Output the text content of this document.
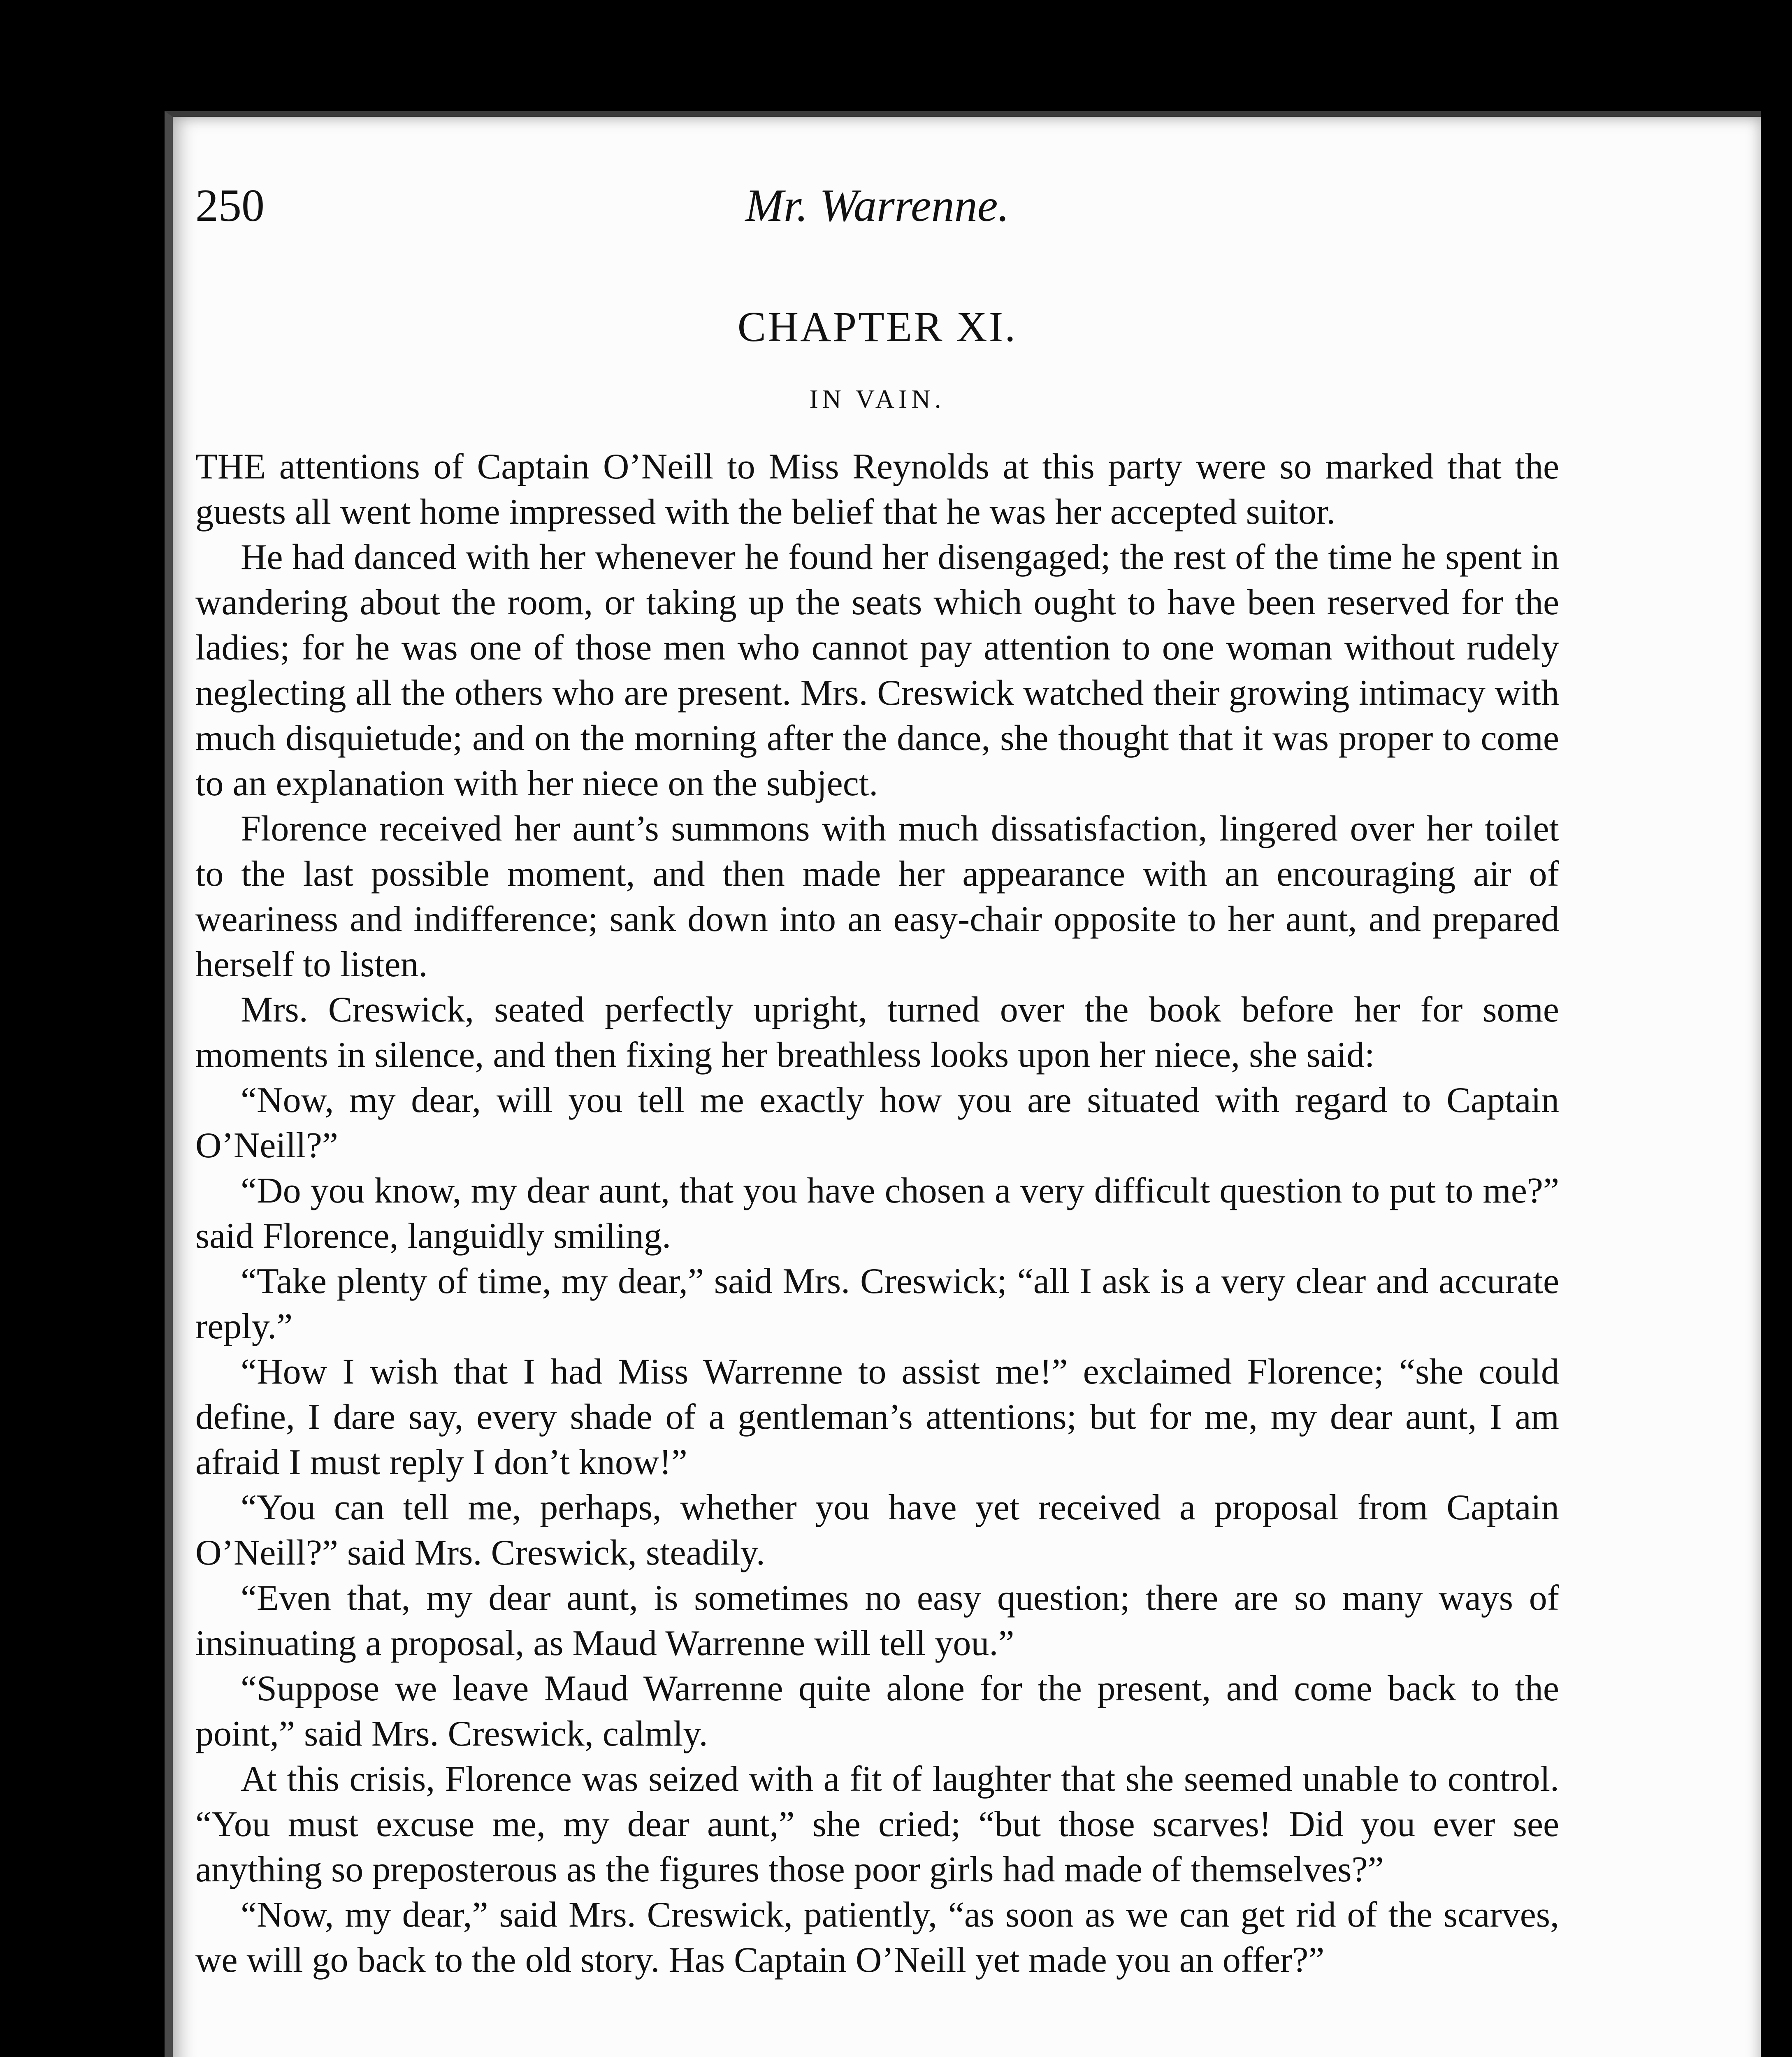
250	Mr. Warrenne.
CHAPTER XI.
IN VAIN.

THE attentions of Captain O’Neill to Miss Reynolds at this party were so marked that the guests all went home impressed with the belief that he was her accepted suitor.

He had danced with her whenever he found her disengaged; the rest of the time he spent in wandering about the room, or taking up the seats which ought to have been reserved for the ladies; for he was one of those men who cannot pay attention to one woman without rudely neglecting all the others who are present. Mrs. Creswick watched their growing intimacy with much disquietude; and on the morning after the dance, she thought that it was proper to come to an explanation with her niece on the subject.

Florence received her aunt’s summons with much dissatisfaction, lingered over her toilet to the last possible moment, and then made her appearance with an encouraging air of weariness and indifference; sank down into an easy-chair opposite to her aunt, and prepared herself to listen.

Mrs. Creswick, seated perfectly upright, turned over the book before her for some moments in silence, and then fixing her breathless looks upon her niece, she said:

“Now, my dear, will you tell me exactly how you are situated with regard to Captain O’Neill?”

“Do you know, my dear aunt, that you have chosen a very difficult question to put to me?” said Florence, languidly smiling.

“Take plenty of time, my dear,” said Mrs. Creswick; “all I ask is a very clear and accurate reply.”

“How I wish that I had Miss Warrenne to assist me!” exclaimed Florence; “she could define, I dare say, every shade of a gentleman’s attentions; but for me, my dear aunt, I am afraid I must reply I don’t know!”

“You can tell me, perhaps, whether you have yet received a proposal from Captain O’Neill?” said Mrs. Creswick, steadily.

“Even that, my dear aunt, is sometimes no easy question; there are so many ways of insinuating a proposal, as Maud Warrenne will tell you.”

“Suppose we leave Maud Warrenne quite alone for the present, and come back to the point,” said Mrs. Creswick, calmly.

At this crisis, Florence was seized with a fit of laughter that she seemed unable to control. “You must excuse me, my dear aunt,” she cried; “but those scarves! Did you ever see anything so preposterous as the figures those poor girls had made of themselves?”

“Now, my dear,” said Mrs. Creswick, patiently, “as soon as we can get rid of the scarves, we will go back to the old story. Has Captain O’Neill yet made you an offer?”
